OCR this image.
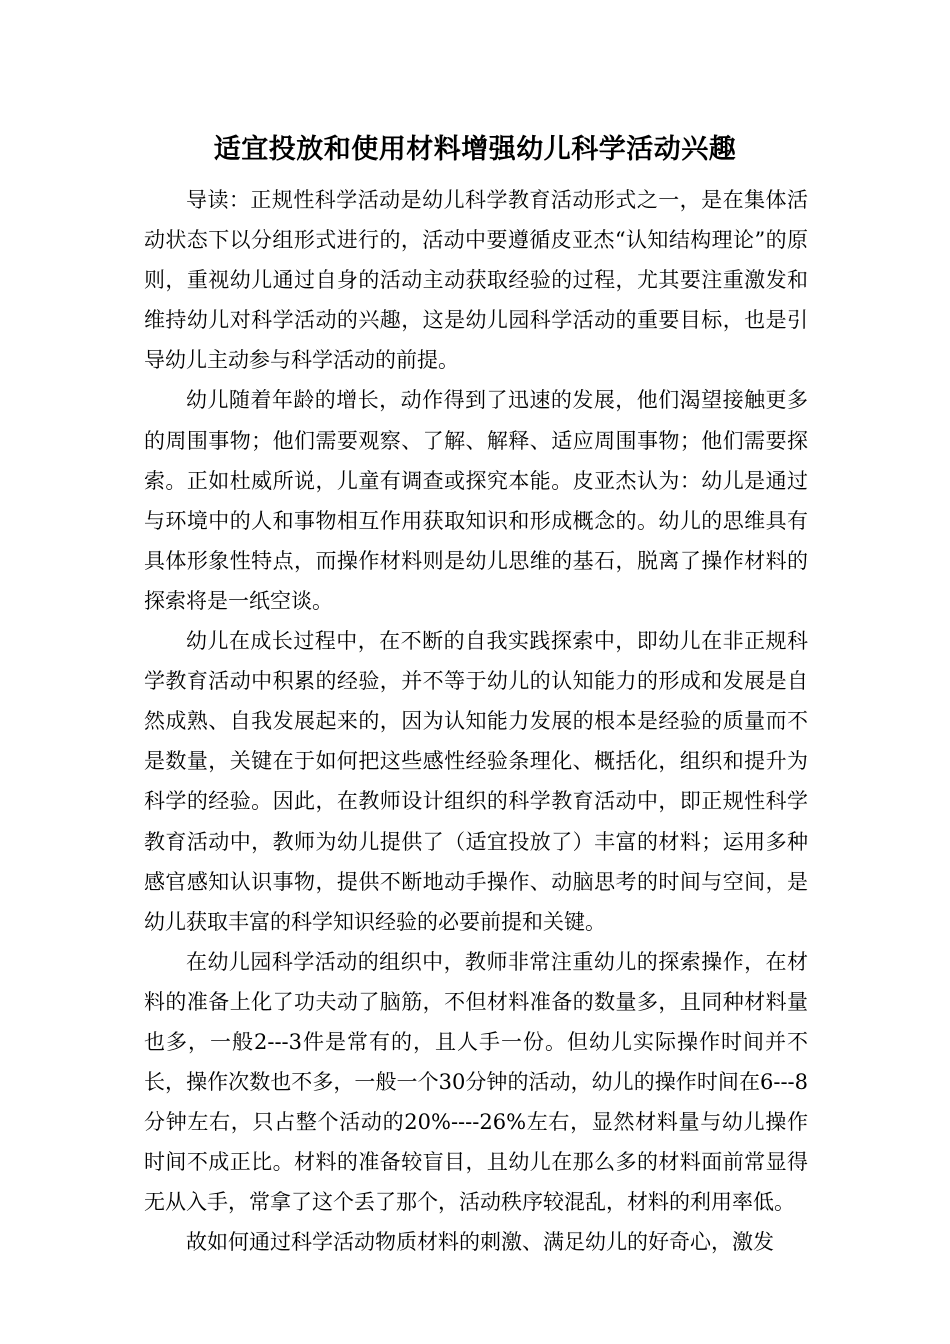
适宜投放和使用材料增强幼儿科学活动兴趣

导读：正规性科学活动是幼儿科学教育活动形式之一，是在集体活动状态下以分组形式进行的，活动中要遵循皮亚杰“认知结构理论”的原则，重视幼儿通过自身的活动主动获取经验的过程，尤其要注重激发和维持幼儿对科学活动的兴趣，这是幼儿园科学活动的重要目标，也是引导幼儿主动参与科学活动的前提。

幼儿随着年龄的增长，动作得到了迅速的发展，他们渴望接触更多的周围事物；他们需要观察、了解、解释、适应周围事物；他们需要探索。正如杜威所说，儿童有调查或探究本能。皮亚杰认为：幼儿是通过与环境中的人和事物相互作用获取知识和形成概念的。幼儿的思维具有具体形象性特点，而操作材料则是幼儿思维的基石，脱离了操作材料的探索将是一纸空谈。

幼儿在成长过程中，在不断的自我实践探索中，即幼儿在非正规科学教育活动中积累的经验，并不等于幼儿的认知能力的形成和发展是自然成熟、自我发展起来的，因为认知能力发展的根本是经验的质量而不是数量，关键在于如何把这些感性经验条理化、概括化，组织和提升为科学的经验。因此，在教师设计组织的科学教育活动中，即正规性科学教育活动中，教师为幼儿提供了（适宜投放了）丰富的材料；运用多种感官感知认识事物，提供不断地动手操作、动脑思考的时间与空间，是幼儿获取丰富的科学知识经验的必要前提和关键。

在幼儿园科学活动的组织中，教师非常注重幼儿的探索操作，在材料的准备上化了功夫动了脑筋，不但材料准备的数量多，且同种材料量也多，一般2---3件是常有的，且人手一份。但幼儿实际操作时间并不长，操作次数也不多，一般一个30分钟的活动，幼儿的操作时间在6---8分钟左右，只占整个活动的20%----26%左右，显然材料量与幼儿操作时间不成正比。材料的准备较盲目，且幼儿在那么多的材料面前常显得无从入手，常拿了这个丢了那个，活动秩序较混乱，材料的利用率低。

故如何通过科学活动物质材料的刺激、满足幼儿的好奇心，激发
